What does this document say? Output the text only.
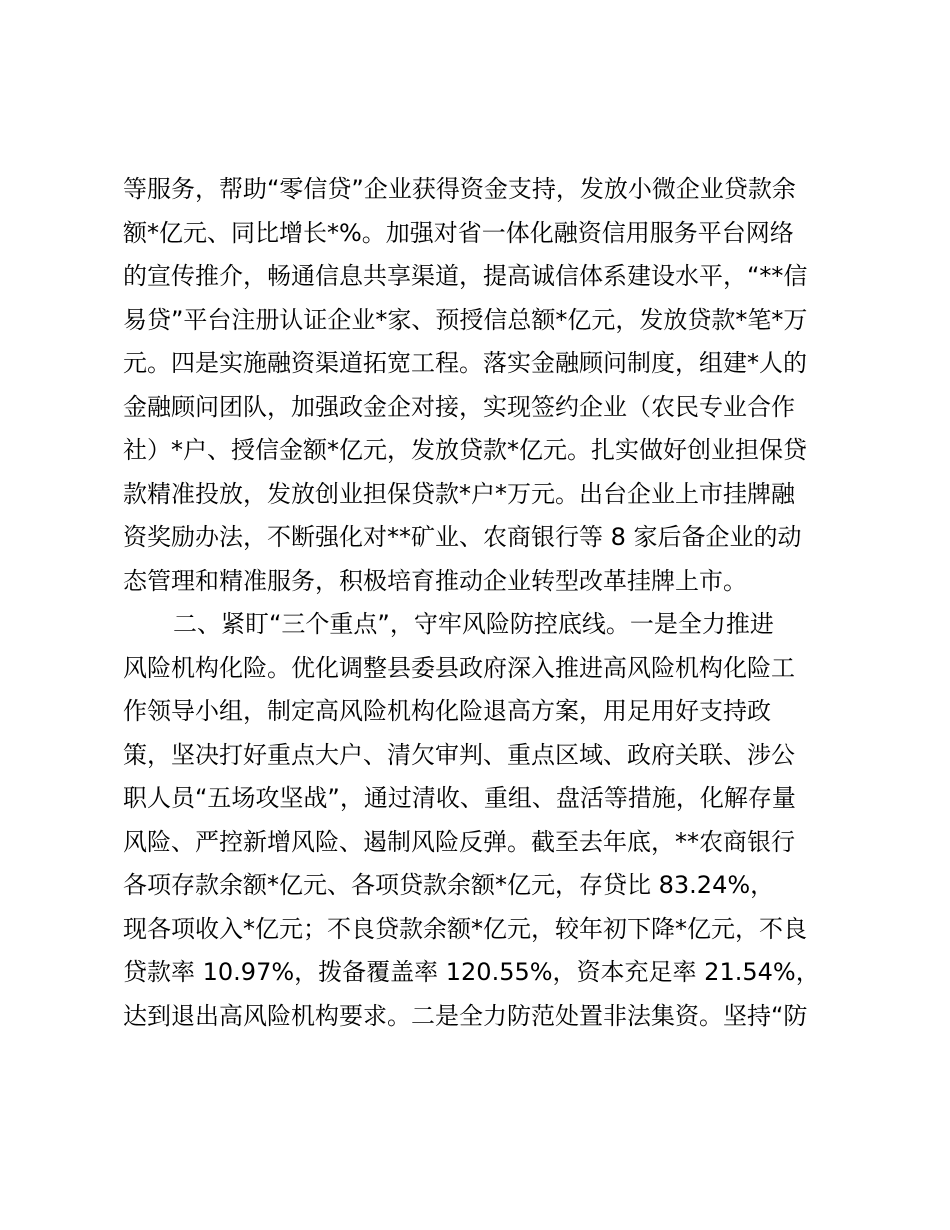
等服务，帮助“零信贷”企业获得资金支持，发放小微企业贷款余
额*亿元、同比增长*%。加强对省一体化融资信用服务平台网络
的宣传推介，畅通信息共享渠道，提高诚信体系建设水平，“**信
易贷”平台注册认证企业*家、预授信总额*亿元，发放贷款*笔*万
元。四是实施融资渠道拓宽工程。落实金融顾问制度，组建*人的
金融顾问团队，加强政金企对接，实现签约企业（农民专业合作
社）*户、授信金额*亿元，发放贷款*亿元。扎实做好创业担保贷
款精准投放，发放创业担保贷款*户*万元。出台企业上市挂牌融
资奖励办法，不断强化对**矿业、农商银行等 8 家后备企业的动
态管理和精准服务，积极培育推动企业转型改革挂牌上市。
二、紧盯“三个重点”，守牢风险防控底线。一是全力推进
风险机构化险。优化调整县委县政府深入推进高风险机构化险工
作领导小组，制定高风险机构化险退高方案，用足用好支持政
策，坚决打好重点大户、清欠审判、重点区域、政府关联、涉公
职人员“五场攻坚战”，通过清收、重组、盘活等措施，化解存量
风险、严控新增风险、遏制风险反弹。截至去年底，**农商银行
各项存款余额*亿元、各项贷款余额*亿元，存贷比 83.24%，
现各项收入*亿元；不良贷款余额*亿元，较年初下降*亿元，不良
贷款率 10.97%，拨备覆盖率 120.55%，资本充足率 21.54%，
达到退出高风险机构要求。二是全力防范处置非法集资。坚持“防
